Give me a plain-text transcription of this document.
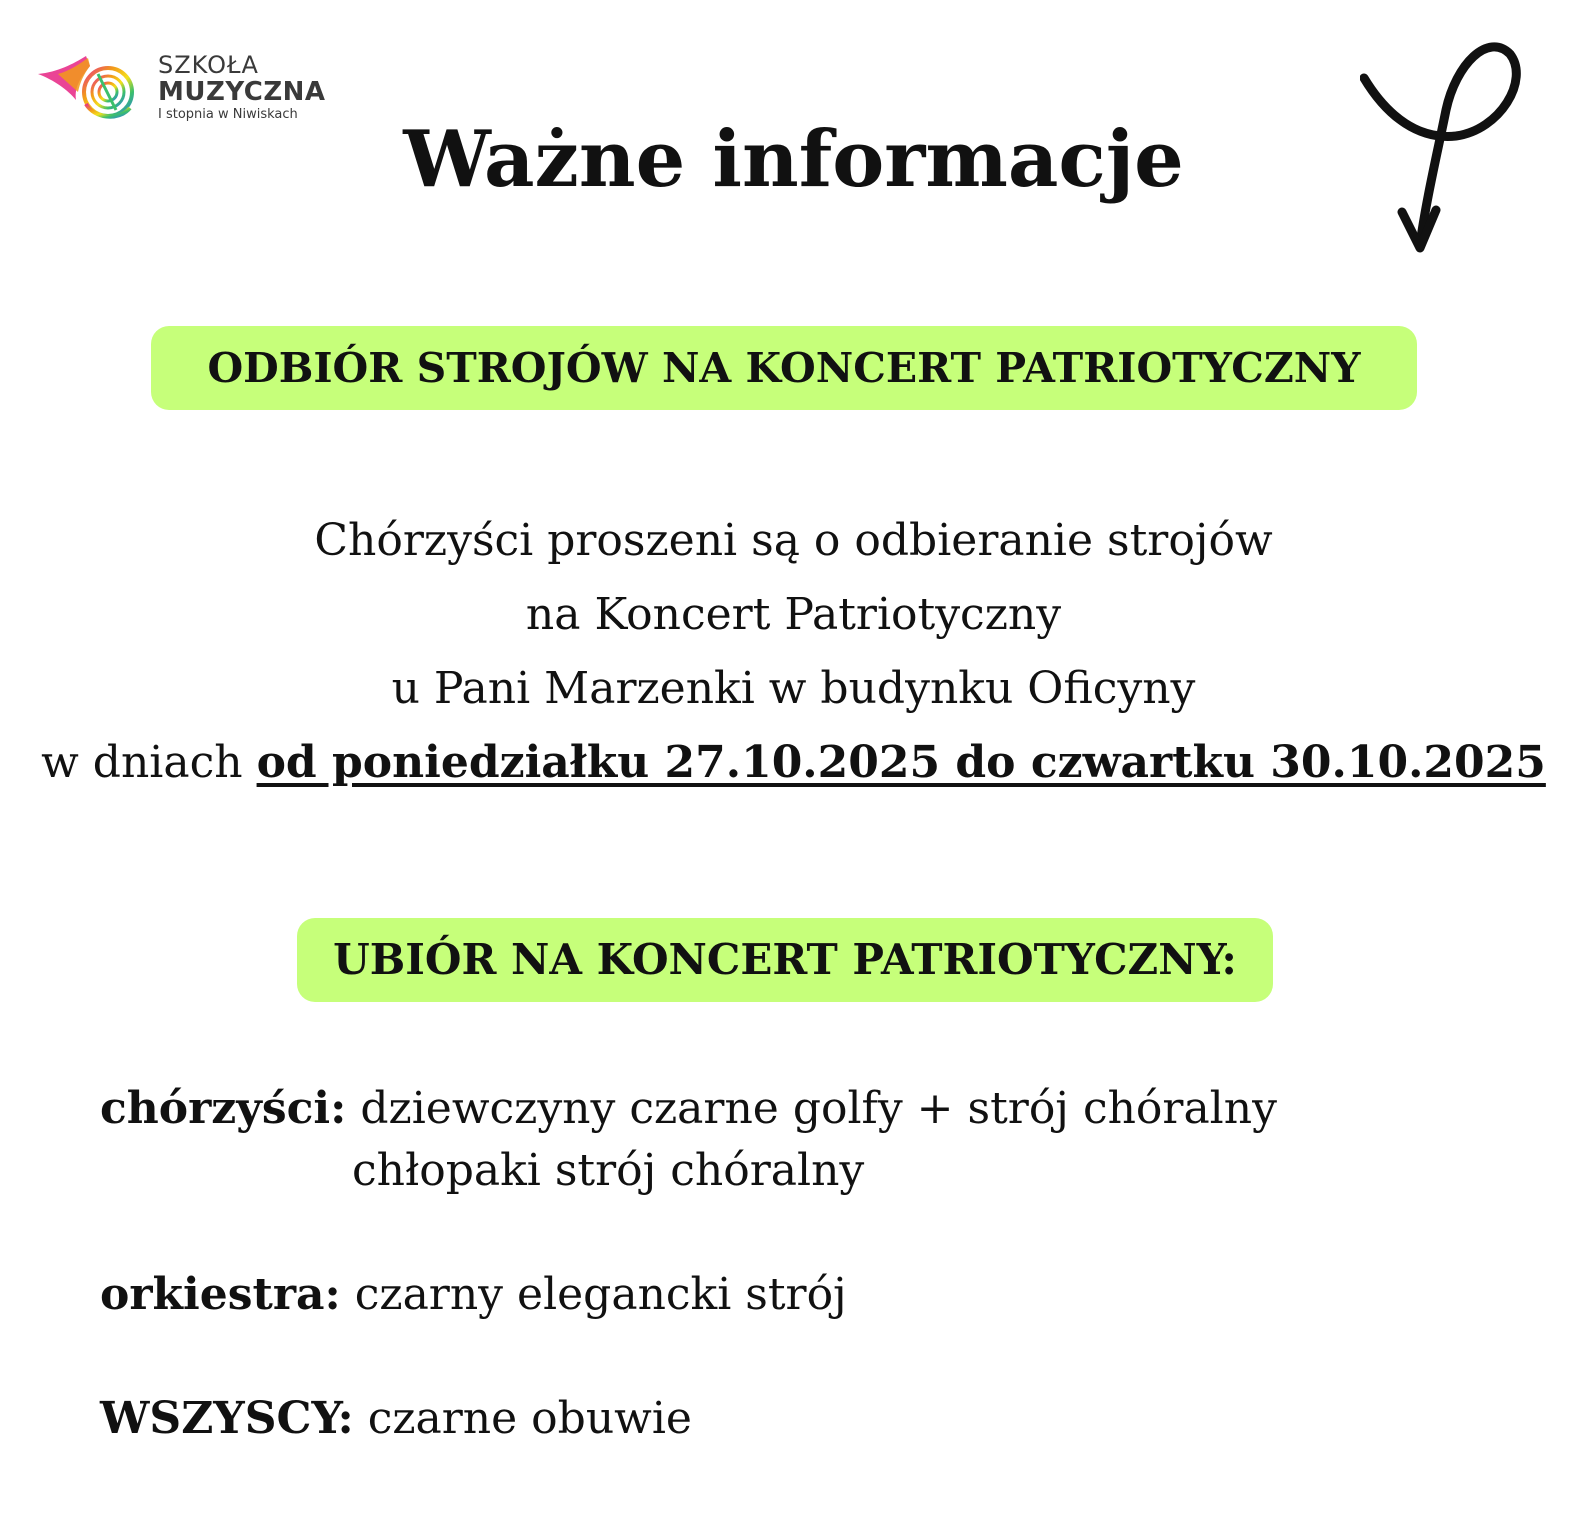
SZKOŁA
MUZYCZNA
I stopnia w Niwiskach	Ważne informacje
ODBIÓR STROJÓW NA KONCERT PATRIOTYCZNY
Chórzyści proszeni są o odbieranie strojów
na Koncert Patriotyczny
u Pani Marzenki w budynku Oficyny
w dniach od poniedziałku 27.10.2025 do czwartku 30.10.2025
UBIÓR NA KONCERT PATRIOTYCZNY:
chórzyści: dziewczyny czarne golfy + strój chóralny
chłopaki strój chóralny
orkiestra: czarny elegancki strój
WSZYSCY: czarne obuwie
